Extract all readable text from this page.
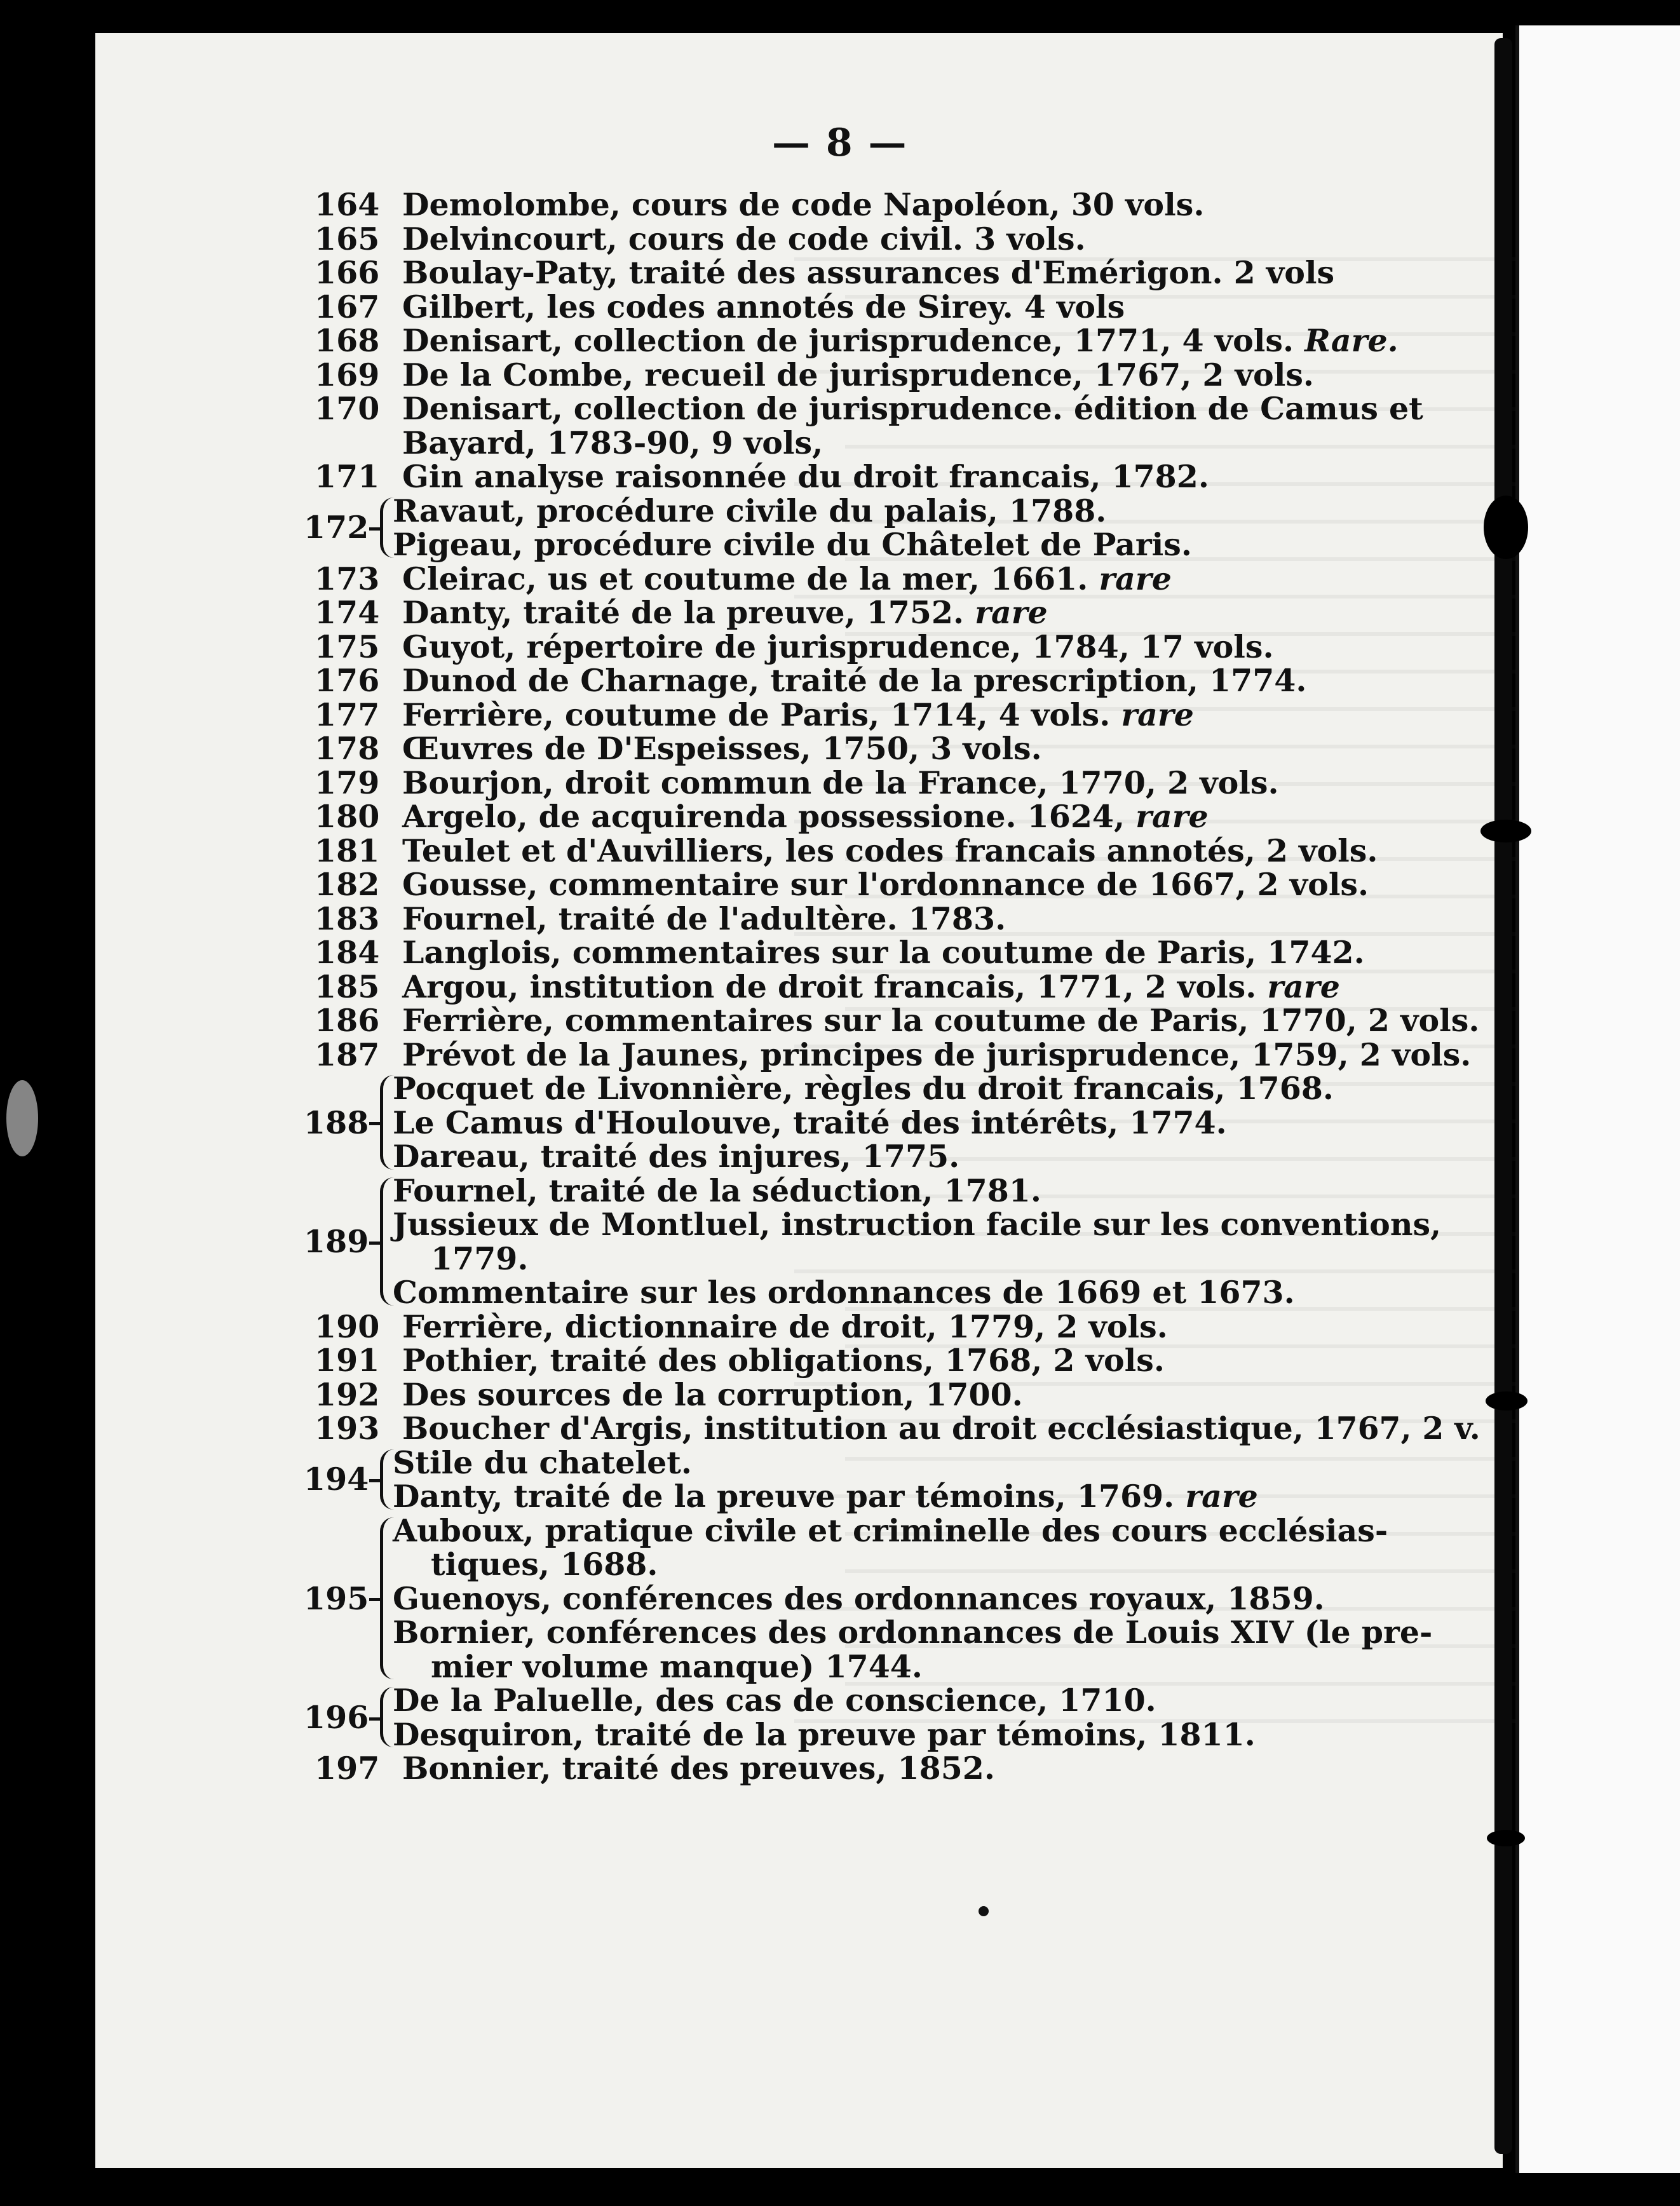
— 8 —
164 Demolombe, cours de code Napoléon, 30 vols.
165 Delvincourt, cours de code civil. 3 vols.
166 Boulay-Paty, traité des assurances d'Emérigon. 2 vols
167 Gilbert, les codes annotés de Sirey. 4 vols
168 Denisart, collection de jurisprudence, 1771, 4 vols. Rare.
169 De la Combe, recueil de jurisprudence, 1767, 2 vols.
170 Denisart, collection de jurisprudence. édition de Camus et
Bayard, 1783-90, 9 vols,
171 Gin analyse raisonnée du droit francais, 1782.
172 Ravaut, procédure civile du palais, 1788.
Pigeau, procédure civile du Châtelet de Paris.
173 Cleirac, us et coutume de la mer, 1661. rare
174 Danty, traité de la preuve, 1752. rare
175 Guyot, répertoire de jurisprudence, 1784, 17 vols.
176 Dunod de Charnage, traité de la prescription, 1774.
177 Ferrière, coutume de Paris, 1714, 4 vols. rare
178 Œuvres de D'Espeisses, 1750, 3 vols.
179 Bourjon, droit commun de la France, 1770, 2 vols.
180 Argelo, de acquirenda possessione. 1624, rare
181 Teulet et d'Auvilliers, les codes francais annotés, 2 vols.
182 Gousse, commentaire sur l'ordonnance de 1667, 2 vols.
183 Fournel, traité de l'adultère. 1783.
184 Langlois, commentaires sur la coutume de Paris, 1742.
185 Argou, institution de droit francais, 1771, 2 vols. rare
186 Ferrière, commentaires sur la coutume de Paris, 1770, 2 vols.
187 Prévot de la Jaunes, principes de jurisprudence, 1759, 2 vols.
188
Pocquet de Livonnière, règles du droit francais, 1768.
Le Camus d'Houlouve, traité des intérêts, 1774.
Dareau, traité des injures, 1775.
189
Fournel, traité de la séduction, 1781.
Jussieux de Montluel, instruction facile sur les conventions,
1779.
Commentaire sur les ordonnances de 1669 et 1673.
190 Ferrière, dictionnaire de droit, 1779, 2 vols.
191 Pothier, traité des obligations, 1768, 2 vols.
192 Des sources de la corruption, 1700.
193 Boucher d'Argis, institution au droit ecclésiastique, 1767, 2 v.
194 Stile du chatelet.
Danty, traité de la preuve par témoins, 1769. rare
195
Auboux, pratique civile et criminelle des cours ecclésias-
tiques, 1688.
Guenoys, conférences des ordonnances royaux, 1859.
Bornier, conférences des ordonnances de Louis XIV (le pre-
mier volume manque) 1744.
196 De la Paluelle, des cas de conscience, 1710.
Desquiron, traité de la preuve par témoins, 1811.
197 Bonnier, traité des preuves, 1852.
